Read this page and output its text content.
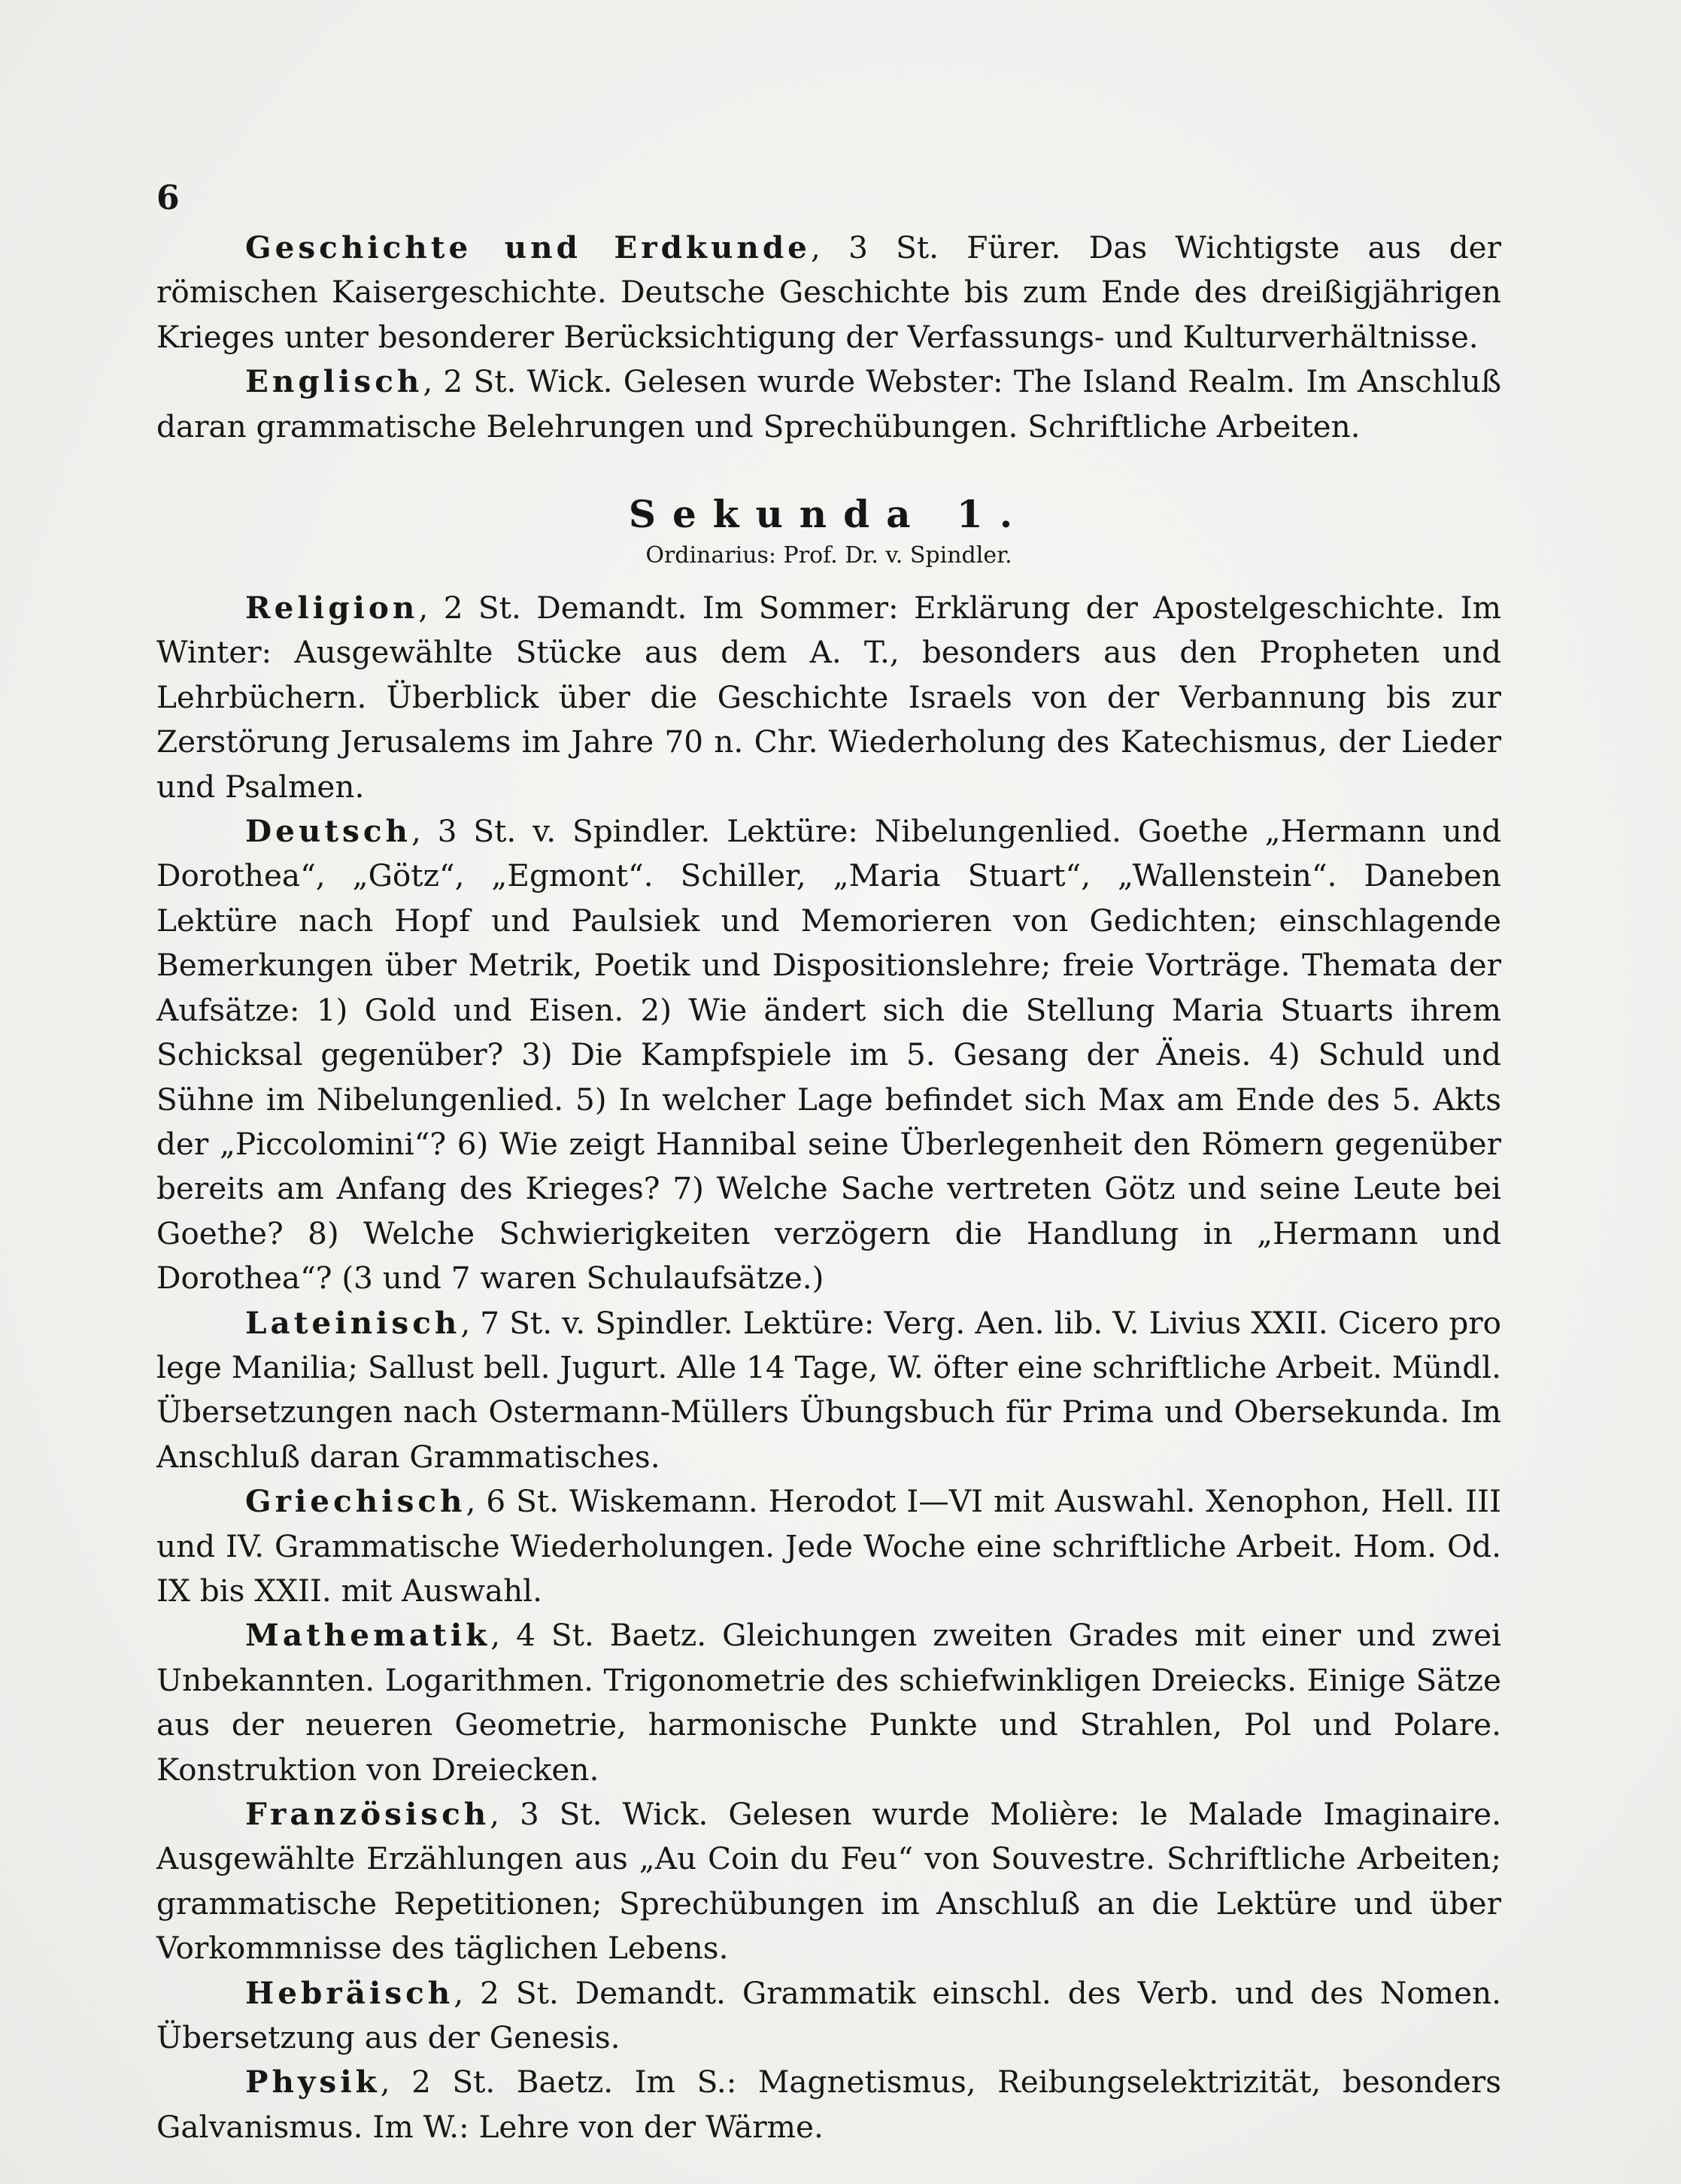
6

Geschichte und Erdkunde, 3 St. Fürer. Das Wichtigste aus der römischen Kaisergeschichte. Deutsche Geschichte bis zum Ende des dreißigjährigen Krieges unter besonderer Berücksichtigung der Verfassungs- und Kulturverhältnisse.

Englisch, 2 St. Wick. Gelesen wurde Webster: The Island Realm. Im Anschluß daran grammatische Belehrungen und Sprechübungen. Schriftliche Arbeiten.

Sekunda 1.
Ordinarius: Prof. Dr. v. Spindler.

Religion, 2 St. Demandt. Im Sommer: Erklärung der Apostelgeschichte. Im Winter: Ausgewählte Stücke aus dem A. T., besonders aus den Propheten und Lehrbüchern. Überblick über die Geschichte Israels von der Verbannung bis zur Zerstörung Jerusalems im Jahre 70 n. Chr. Wiederholung des Katechismus, der Lieder und Psalmen.

Deutsch, 3 St. v. Spindler. Lektüre: Nibelungenlied. Goethe „Hermann und Dorothea“, „Götz“, „Egmont“. Schiller, „Maria Stuart“, „Wallenstein“. Daneben Lektüre nach Hopf und Paulsiek und Memorieren von Gedichten; einschlagende Bemerkungen über Metrik, Poetik und Dispositionslehre; freie Vorträge. Themata der Aufsätze: 1) Gold und Eisen. 2) Wie ändert sich die Stellung Maria Stuarts ihrem Schicksal gegenüber? 3) Die Kampfspiele im 5. Gesang der Äneis. 4) Schuld und Sühne im Nibelungenlied. 5) In welcher Lage befindet sich Max am Ende des 5. Akts der „Piccolomini“? 6) Wie zeigt Hannibal seine Überlegenheit den Römern gegenüber bereits am Anfang des Krieges? 7) Welche Sache vertreten Götz und seine Leute bei Goethe? 8) Welche Schwierigkeiten verzögern die Handlung in „Hermann und Dorothea“? (3 und 7 waren Schulaufsätze.)

Lateinisch, 7 St. v. Spindler. Lektüre: Verg. Aen. lib. V. Livius XXII. Cicero pro lege Manilia; Sallust bell. Jugurt. Alle 14 Tage, W. öfter eine schriftliche Arbeit. Mündl. Übersetzungen nach Ostermann-Müllers Übungsbuch für Prima und Obersekunda. Im Anschluß daran Grammatisches.

Griechisch, 6 St. Wiskemann. Herodot I—VI mit Auswahl. Xenophon, Hell. III und IV. Grammatische Wiederholungen. Jede Woche eine schriftliche Arbeit. Hom. Od. IX bis XXII. mit Auswahl.

Mathematik, 4 St. Baetz. Gleichungen zweiten Grades mit einer und zwei Unbekannten. Logarithmen. Trigonometrie des schiefwinkligen Dreiecks. Einige Sätze aus der neueren Geometrie, harmonische Punkte und Strahlen, Pol und Polare. Konstruktion von Dreiecken.

Französisch, 3 St. Wick. Gelesen wurde Molière: le Malade Imaginaire. Ausgewählte Erzählungen aus „Au Coin du Feu“ von Souvestre. Schriftliche Arbeiten; grammatische Repetitionen; Sprechübungen im Anschluß an die Lektüre und über Vorkommnisse des täglichen Lebens.

Hebräisch, 2 St. Demandt. Grammatik einschl. des Verb. und des Nomen. Übersetzung aus der Genesis.

Physik, 2 St. Baetz. Im S.: Magnetismus, Reibungselektrizität, besonders Galvanismus. Im W.: Lehre von der Wärme.
